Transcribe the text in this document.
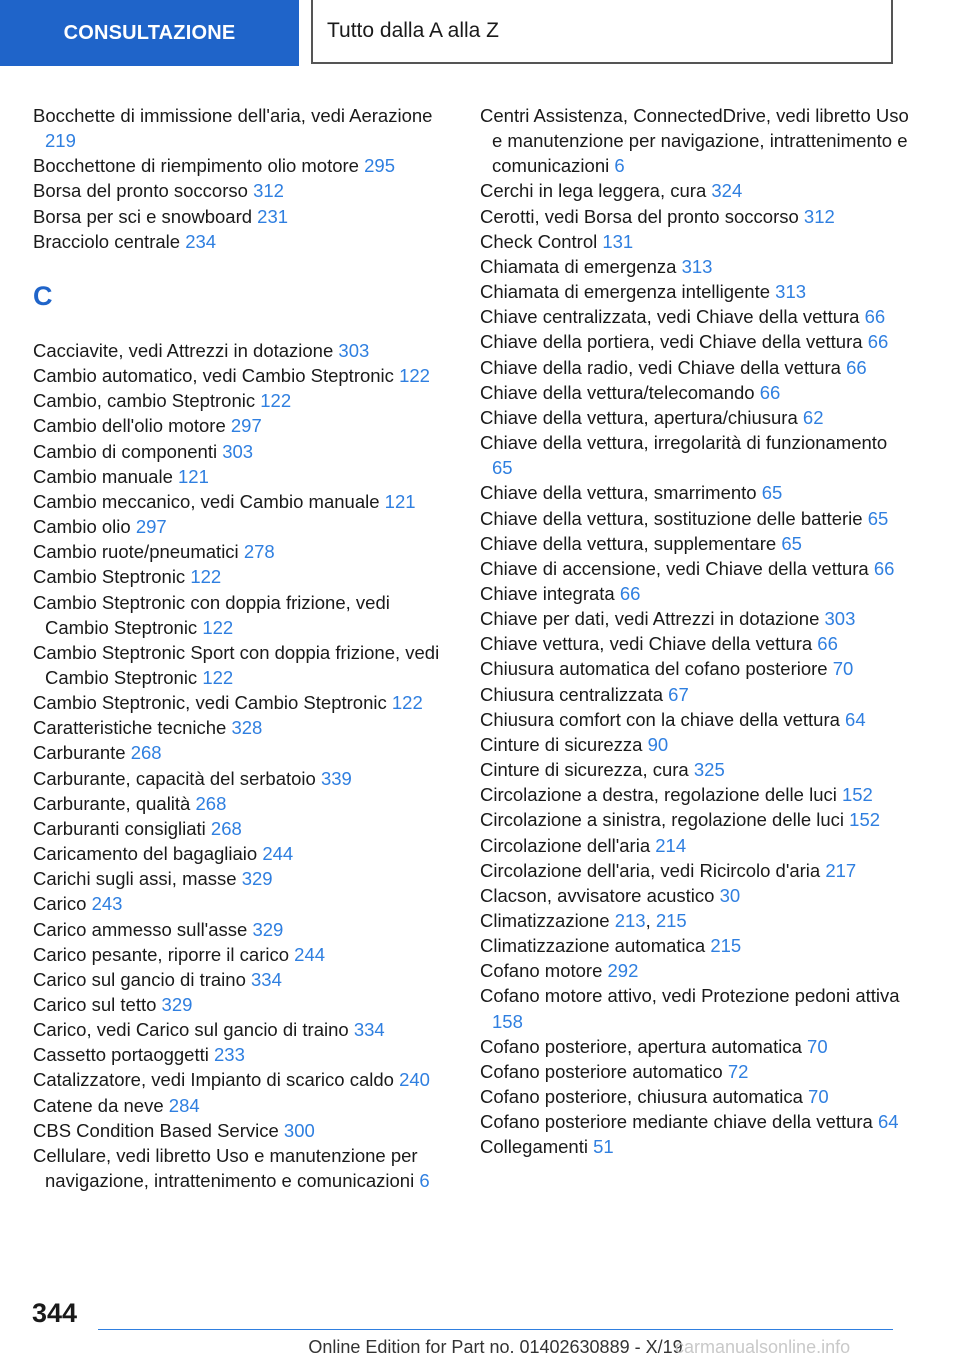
CONSULTAZIONE	Tutto dalla A alla Z

Bocchette di immissione dell'aria, vedi Aerazione 219

Bocchettone di riempimento olio motore 295

Borsa del pronto soccorso 312

Borsa per sci e snowboard 231

Bracciolo centrale 234

C

Cacciavite, vedi Attrezzi in dotazione 303

Cambio automatico, vedi Cambio Steptronic 122

Cambio, cambio Steptronic 122

Cambio dell'olio motore 297

Cambio di componenti 303

Cambio manuale 121

Cambio meccanico, vedi Cambio manuale 121

Cambio olio 297

Cambio ruote/pneumatici 278

Cambio Steptronic 122

Cambio Steptronic con doppia frizione, vedi Cambio Steptronic 122

Cambio Steptronic Sport con doppia frizione, vedi Cambio Steptronic 122

Cambio Steptronic, vedi Cambio Steptronic 122

Caratteristiche tecniche 328

Carburante 268

Carburante, capacità del serbatoio 339

Carburante, qualità 268

Carburanti consigliati 268

Caricamento del bagagliaio 244

Carichi sugli assi, masse 329

Carico 243

Carico ammesso sull'asse 329

Carico pesante, riporre il carico 244

Carico sul gancio di traino 334

Carico sul tetto 329

Carico, vedi Carico sul gancio di traino 334

Cassetto portaoggetti 233

Catalizzatore, vedi Impianto di scarico caldo 240

Catene da neve 284

CBS Condition Based Service 300

Cellulare, vedi libretto Uso e manutenzione per navigazione, intrattenimento e comunicazioni 6

Centri Assistenza, ConnectedDrive, vedi libretto Uso e manutenzione per navigazione, intrattenimento e comunicazioni 6

Cerchi in lega leggera, cura 324

Cerotti, vedi Borsa del pronto soccorso 312

Check Control 131

Chiamata di emergenza 313

Chiamata di emergenza intelligente 313

Chiave centralizzata, vedi Chiave della vettura 66

Chiave della portiera, vedi Chiave della vettura 66

Chiave della radio, vedi Chiave della vettura 66

Chiave della vettura/telecomando 66

Chiave della vettura, apertura/chiusura 62

Chiave della vettura, irregolarità di funzionamento 65

Chiave della vettura, smarrimento 65

Chiave della vettura, sostituzione delle batterie 65

Chiave della vettura, supplementare 65

Chiave di accensione, vedi Chiave della vettura 66

Chiave integrata 66

Chiave per dati, vedi Attrezzi in dotazione 303

Chiave vettura, vedi Chiave della vettura 66

Chiusura automatica del cofano posteriore 70

Chiusura centralizzata 67

Chiusura comfort con la chiave della vettura 64

Cinture di sicurezza 90

Cinture di sicurezza, cura 325

Circolazione a destra, regolazione delle luci 152

Circolazione a sinistra, regolazione delle luci 152

Circolazione dell'aria 214

Circolazione dell'aria, vedi Ricircolo d'aria 217

Clacson, avvisatore acustico 30

Climatizzazione 213, 215

Climatizzazione automatica 215

Cofano motore 292

Cofano motore attivo, vedi Protezione pedoni attiva 158

Cofano posteriore, apertura automatica 70

Cofano posteriore automatico 72

Cofano posteriore, chiusura automatica 70

Cofano posteriore mediante chiave della vettura 64

Collegamenti 51

344
Online Edition for Part no. 01402630889 - X/19
carmanualsonline.info
